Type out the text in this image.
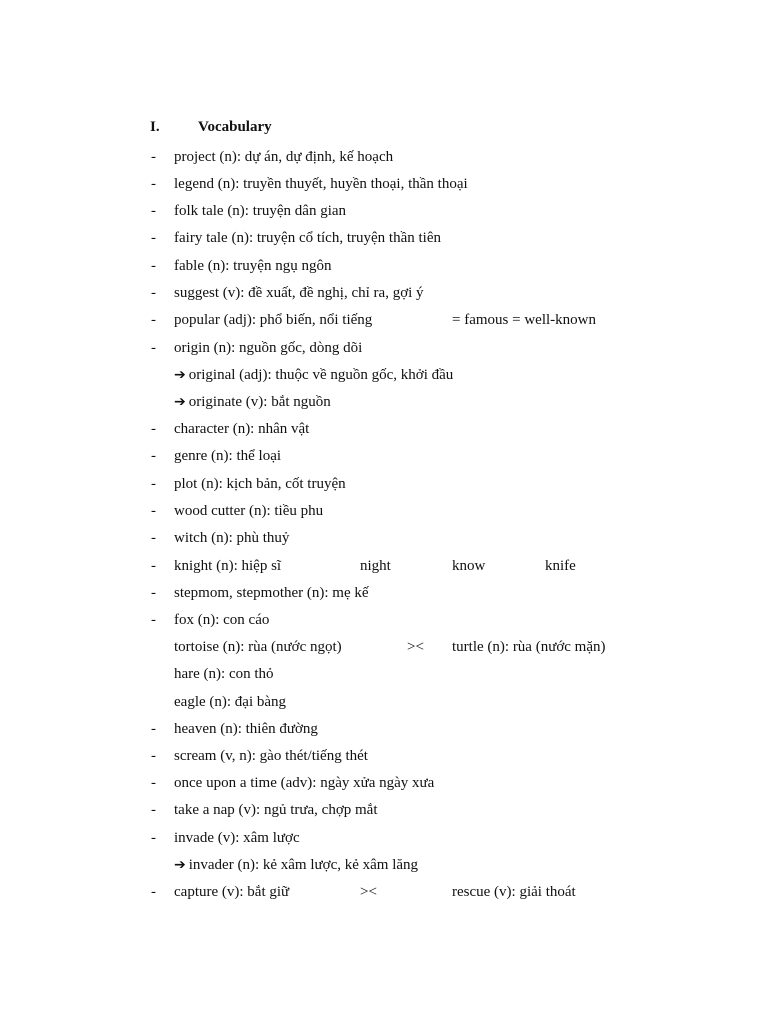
I.	Vocabulary
- project (n): dự án, dự định, kế hoạch
- legend (n): truyền thuyết, huyền thoại, thần thoại
- folk tale (n): truyện dân gian
- fairy tale (n): truyện cổ tích, truyện thần tiên
- fable (n): truyện ngụ ngôn
- suggest (v): đề xuất, đề nghị, chỉ ra, gợi ý
- popular (adj): phổ biến, nổi tiếng	= famous = well-known
- origin (n): nguồn gốc, dòng dõi
➔ original (adj): thuộc về nguồn gốc, khởi đầu
➔ originate (v): bắt nguồn
- character (n): nhân vật
- genre (n): thể loại
- plot (n): kịch bản, cốt truyện
- wood cutter (n): tiều phu
- witch (n): phù thuỷ
- knight (n): hiệp sĩ	night	know	knife
- stepmom, stepmother (n): mẹ kế
- fox (n): con cáo
tortoise (n): rùa (nước ngọt)	>< turtle (n): rùa (nước mặn)
hare (n): con thỏ
eagle (n): đại bàng
- heaven (n): thiên đường
- scream (v, n): gào thét/tiếng thét
- once upon a time (adv): ngày xửa ngày xưa
- take a nap (v): ngủ trưa, chợp mắt
- invade (v): xâm lược
➔ invader (n): kẻ xâm lược, kẻ xâm lăng
- capture (v): bắt giữ	><	rescue (v): giải thoát
